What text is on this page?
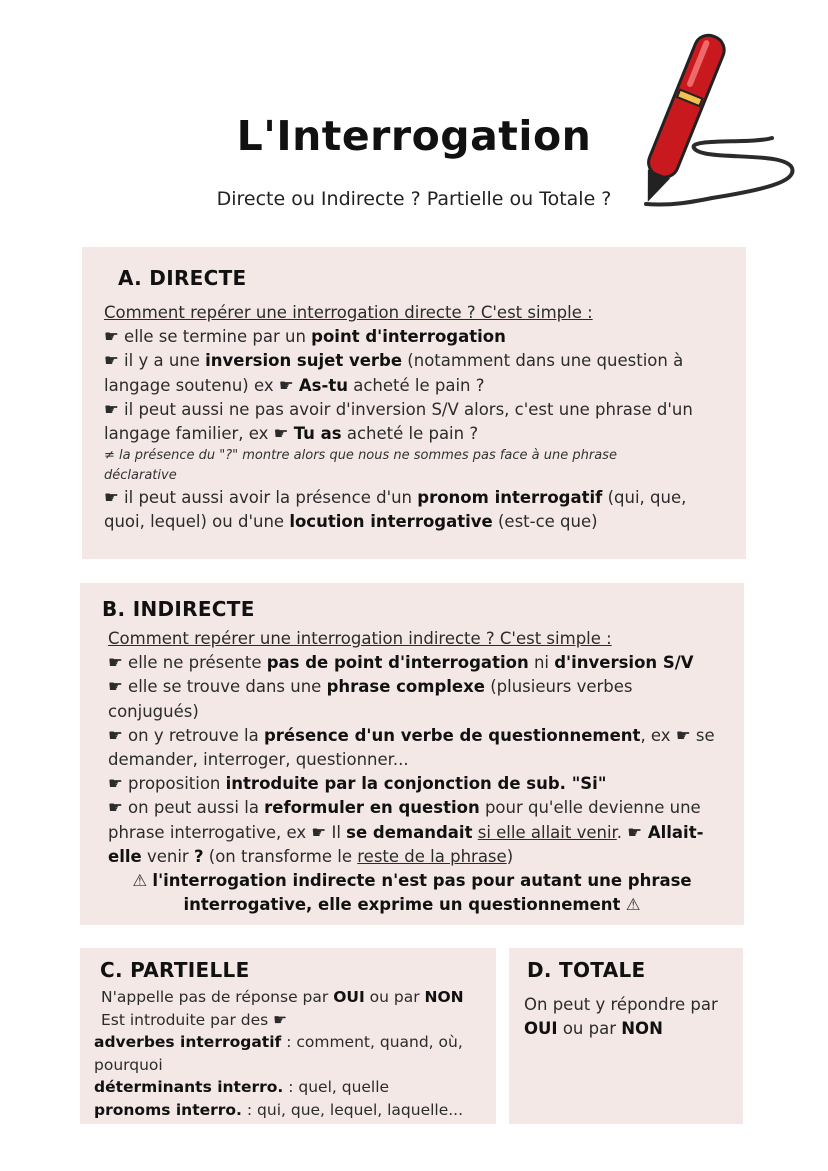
L'Interrogation
Directe ou Indirecte ? Partielle ou Totale ?
A. DIRECTE
Comment repérer une interrogation directe ? C'est simple :
☛ elle se termine par un point d'interrogation
☛ il y a une inversion sujet verbe (notamment dans une question à
langage soutenu) ex ☛ As-tu acheté le pain ?
☛ il peut aussi ne pas avoir d'inversion S/V alors, c'est une phrase d'un
langage familier, ex ☛ Tu as acheté le pain ?
≠ la présence du "?" montre alors que nous ne sommes pas face à une phrase
déclarative
☛ il peut aussi avoir la présence d'un pronom interrogatif (qui, que,
quoi, lequel) ou d'une locution interrogative (est-ce que)
B. INDIRECTE
Comment repérer une interrogation indirecte ? C'est simple :
☛ elle ne présente pas de point d'interrogation ni d'inversion S/V
☛ elle se trouve dans une phrase complexe (plusieurs verbes
conjugués)
☛ on y retrouve la présence d'un verbe de questionnement, ex ☛ se
demander, interroger, questionner...
☛ proposition introduite par la conjonction de sub. "Si"
☛ on peut aussi la reformuler en question pour qu'elle devienne une
phrase interrogative, ex ☛ Il se demandait si elle allait venir. ☛ Allait-
elle venir ? (on transforme le reste de la phrase)
⚠ l'interrogation indirecte n'est pas pour autant une phrase
interrogative, elle exprime un questionnement ⚠
C. PARTIELLE
N'appelle pas de réponse par OUI ou par NON
Est introduite par des ☛
adverbes interrogatif : comment, quand, où,
pourquoi
déterminants interro. : quel, quelle
pronoms interro. : qui, que, lequel, laquelle...
D. TOTALE
On peut y répondre par
OUI ou par NON
